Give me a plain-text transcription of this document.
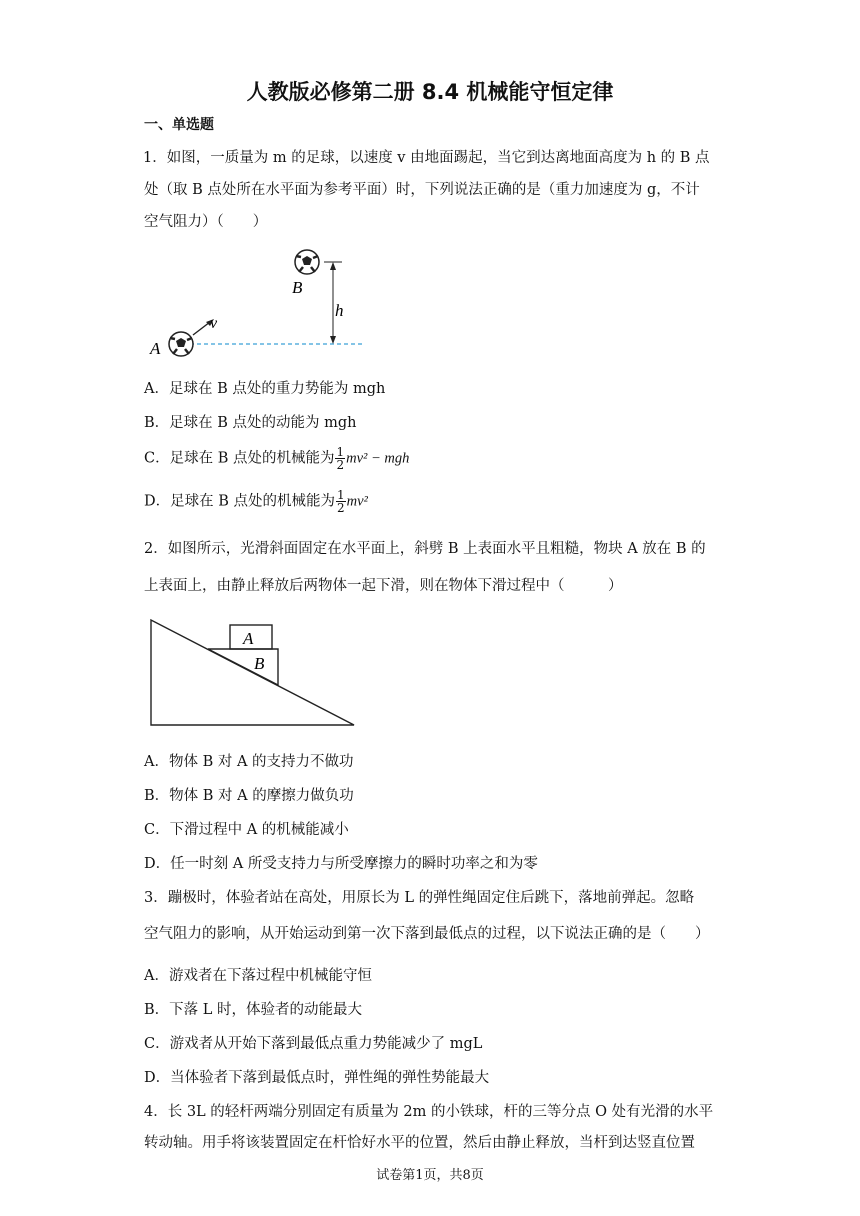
人教版必修第二册 8.4 机械能守恒定律
一、单选题
1．如图，一质量为 m 的足球，以速度 v 由地面踢起，当它到达离地面高度为 h 的 B 点
处（取 B 点处所在水平面为参考平面）时，下列说法正确的是（重力加速度为 g，不计
空气阻力）（　　）
A
B
v
h
A．足球在 B 点处的重力势能为 mgh
B．足球在 B 点处的动能为 mgh
C．足球在 B 点处的机械能为 $\frac{1}{2} mv^2$ − mgh
D．足球在 B 点处的机械能为 $\frac{1}{2} mv^2$
2．如图所示，光滑斜面固定在水平面上，斜劈 B 上表面水平且粗糙，物块 A 放在 B 的
上表面上，由静止释放后两物体一起下滑，则在物体下滑过程中（　　　）
A
B
A．物体 B 对 A 的支持力不做功
B．物体 B 对 A 的摩擦力做负功
C．下滑过程中 A 的机械能减小
D．任一时刻 A 所受支持力与所受摩擦力的瞬时功率之和为零
3．蹦极时，体验者站在高处，用原长为 L 的弹性绳固定住后跳下，落地前弹起。忽略
空气阻力的影响，从开始运动到第一次下落到最低点的过程，以下说法正确的是（　　）
A．游戏者在下落过程中机械能守恒
B．下落 L 时，体验者的动能最大
C．游戏者从开始下落到最低点重力势能减少了 mgL
D．当体验者下落到最低点时，弹性绳的弹性势能最大
4．长 3L 的轻杆两端分别固定有质量为 2m 的小铁球，杆的三等分点 O 处有光滑的水平
转动轴。用手将该装置固定在杆恰好水平的位置，然后由静止释放，当杆到达竖直位置
试卷第1页，共8页
